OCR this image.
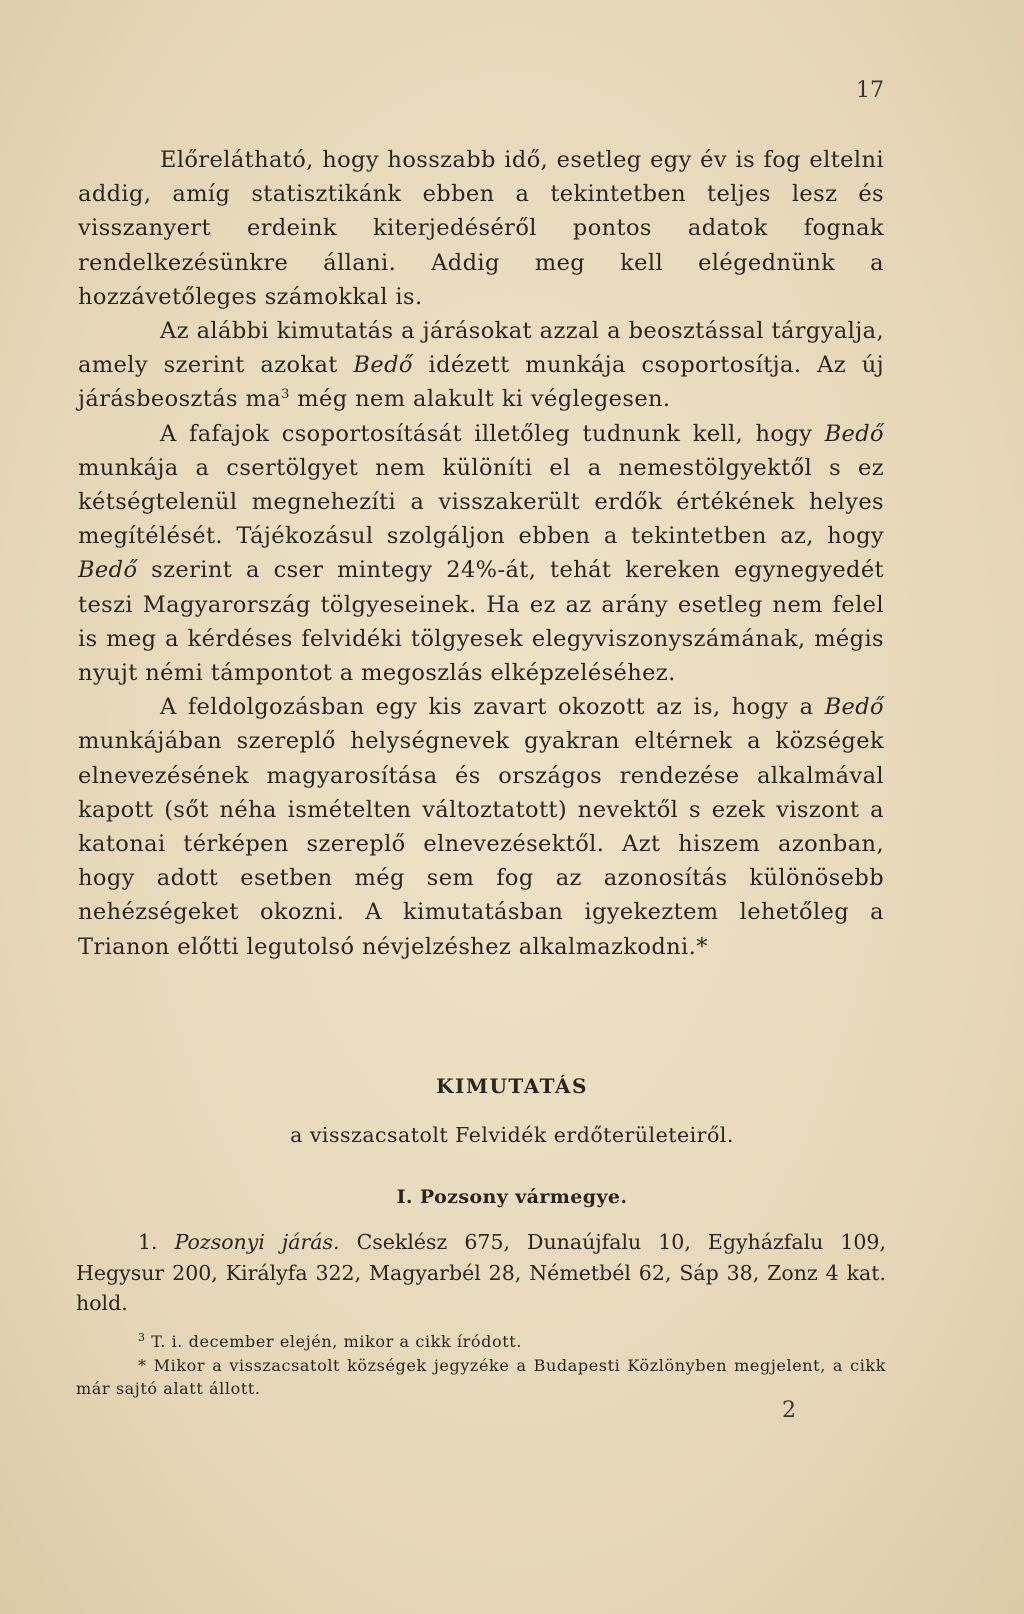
17

Előrelátható, hogy hosszabb idő, esetleg egy év is fog eltelni addig, amíg statisztikánk ebben a tekintetben teljes lesz és visszanyert erdeink kiterjedéséről pontos adatok fognak rendelkezésünkre állani. Addig meg kell elégednünk a hozzávetőleges számokkal is.

Az alábbi kimutatás a járásokat azzal a beosztással tárgyalja, amely szerint azokat Bedő idézett munkája csoportosítja. Az új járásbeosztás $ma^3$ még nem alakult ki véglegesen.

A fafajok csoportosítását illetőleg tudnunk kell, hogy Bedő munkája a csertölgyet nem különíti el a nemestölgyektől s ez kétségtelenül megnehezíti a visszakerült erdők értékének helyes megítélését. Tájékozásul szolgáljon ebben a tekintetben az, hogy Bedő szerint a cser mintegy 24%-át, tehát kereken egynegyedét teszi Magyarország tölgyeseinek. Ha ez az arány esetleg nem felel is meg a kérdéses felvidéki tölgyesek elegyviszonyszámának, mégis nyujt némi támpontot a megoszlás elképzeléséhez.

A feldolgozásban egy kis zavart okozott az is, hogy a Bedő munkájában szereplő helységnevek gyakran eltérnek a községek elnevezésének magyarosítása és országos rendezése alkalmával kapott (sőt néha ismételten változtatott) nevektől s ezek viszont a katonai térképen szereplő elnevezésektől. Azt hiszem azonban, hogy adott esetben még sem fog az azonosítás különösebb nehézségeket okozni. A kimutatásban igyekeztem lehetőleg a Trianon előtti legutolsó névjelzéshez alkalmazkodni.*

KIMUTATÁS
a visszacsatolt Felvidék erdőterületeiről.
I. Pozsony vármegye.

1. Pozsonyi járás. Cseklész 675, Dunaújfalu 10, Egyházfalu 109, Hegysur 200, Királyfa 322, Magyarbél 28, Németbél 62, Sáp 38, Zonz 4 kat. hold.

$^3$ T. i. december elején, mikor a cikk íródott.

* Mikor a visszacsatolt községek jegyzéke a Budapesti Közlönyben megjelent, a cikk már sajtó alatt állott.

2
